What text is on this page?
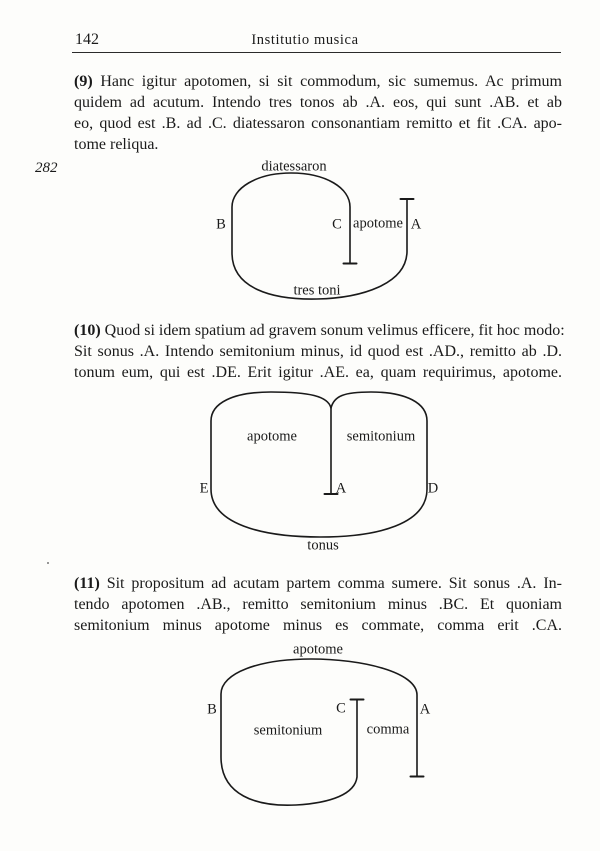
142	Institutio musica
282
(9) Hanc igitur apotomen, si sit commodum, sic sumemus. Ac primum
quidem ad acutum. Intendo tres tonos ab .A. eos, qui sunt .AB. et ab
eo, quod est .B. ad .C. diatessaron consonantiam remitto et fit .CA. apo-
tome reliqua.
(10) Quod si idem spatium ad gravem sonum velimus efficere, fit hoc modo:
Sit sonus .A. Intendo semitonium minus, id quod est .AD., remitto ab .D.
tonum eum, qui est .DE. Erit igitur .AE. ea, quam requirimus, apotome.
(11) Sit propositum ad acutam partem comma sumere. Sit sonus .A. In-
tendo apotomen .AB., remitto semitonium minus .BC. Et quoniam
semitonium minus apotome minus es commate, comma erit .CA.
diatessaron
B	C apotome A
tres toni
apotome	semitonium
E	A	D
tonus
apotome
B	C	A
semitonium	comma
